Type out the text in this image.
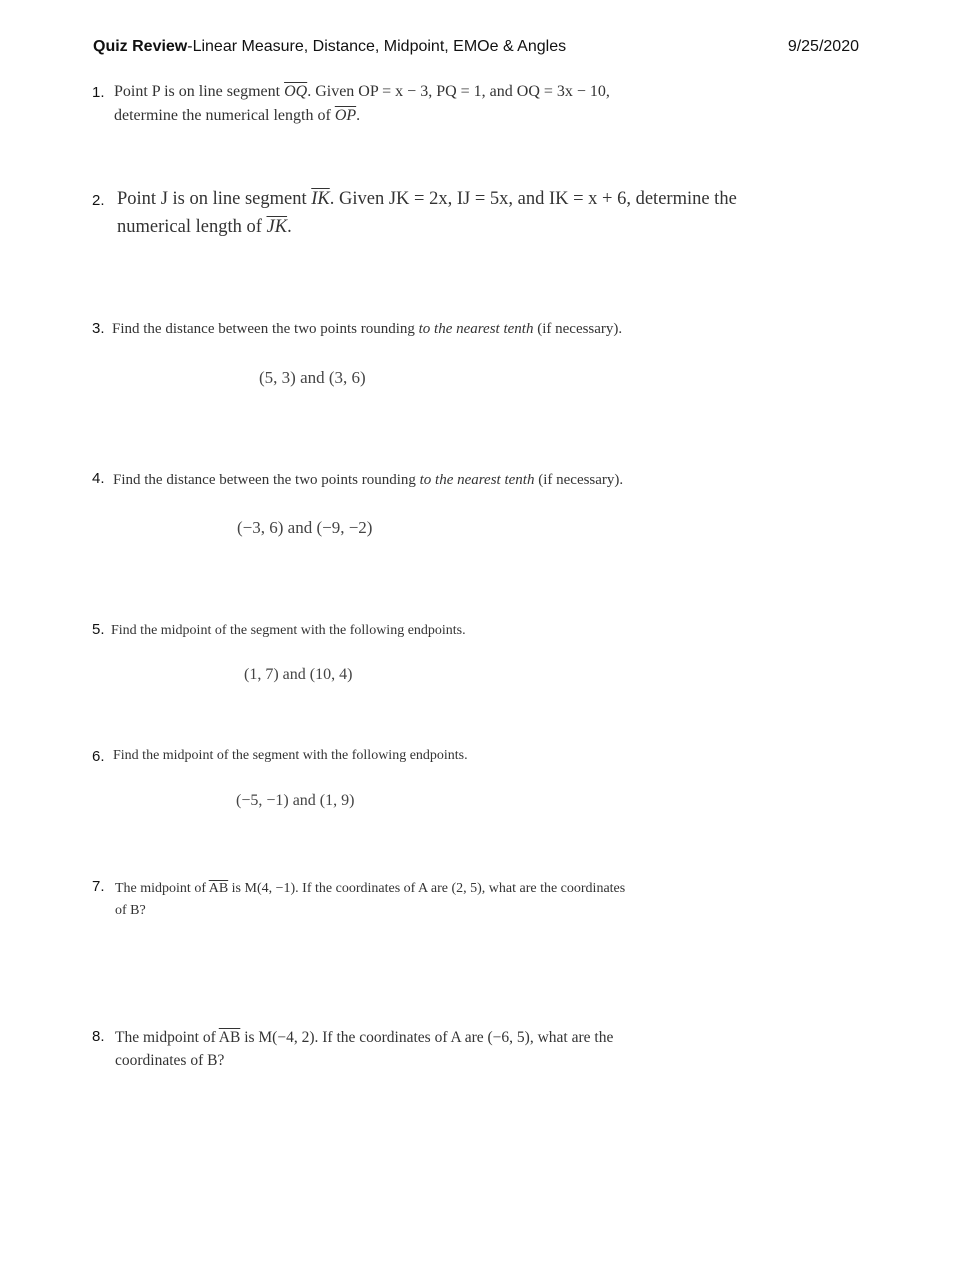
Quiz Review-Linear Measure, Distance, Midpoint, EMOe & Angles	9/25/2020
1. Point P is on line segment $\overline{OQ}$. Given OP = x − 3, PQ = 1, and OQ = 3x − 10, determine the numerical length of $\overline{OP}$.
2. Point J is on line segment $\overline{IK}$. Given JK = 2x, IJ = 5x, and IK = x + 6, determine the numerical length of $\overline{JK}$.
3. Find the distance between the two points rounding to the nearest tenth (if necessary).
(5, 3) and (3, 6)
4. Find the distance between the two points rounding to the nearest tenth (if necessary).
(−3, 6) and (−9, −2)
5. Find the midpoint of the segment with the following endpoints.
(1, 7) and (10, 4)
6. Find the midpoint of the segment with the following endpoints.
(−5, −1) and (1, 9)
7. The midpoint of $\overline{AB}$ is M(4, −1). If the coordinates of A are (2, 5), what are the coordinates of B?
8. The midpoint of $\overline{AB}$ is M(−4, 2). If the coordinates of A are (−6, 5), what are the coordinates of B?
